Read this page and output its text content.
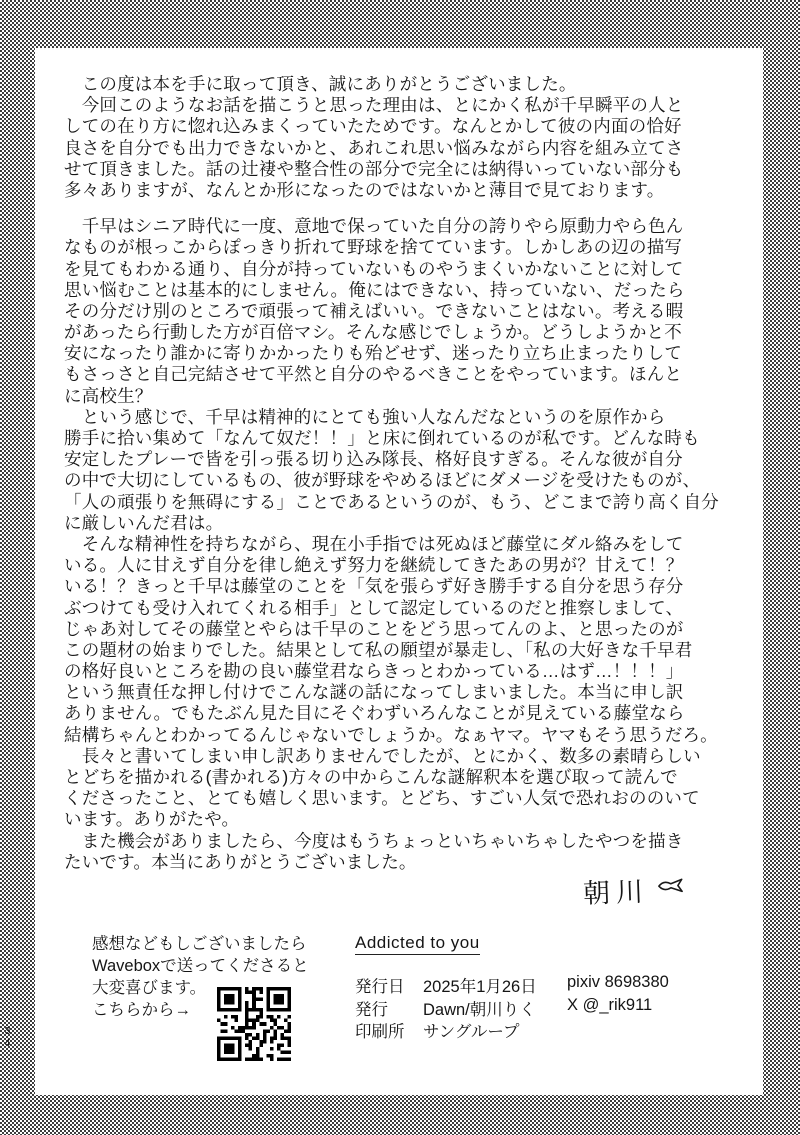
34
　この度は本を手に取って頂き、誠にありがとうございました。
　今回このようなお話を描こうと思った理由は、とにかく私が千早瞬平の人と
しての在り方に惚れ込みまくっていたためです。なんとかして彼の内面の恰好
良さを自分でも出力できないかと、あれこれ思い悩みながら内容を組み立てさ
せて頂きました。話の辻褄や整合性の部分で完全には納得いっていない部分も
多々ありますが、なんとか形になったのではないかと薄目で見ております。
　千早はシニア時代に一度、意地で保っていた自分の誇りやら原動力やら色ん
なものが根っこからぽっきり折れて野球を捨てています。しかしあの辺の描写
を見てもわかる通り、自分が持っていないものやうまくいかないことに対して
思い悩むことは基本的にしません。俺にはできない、持っていない、だったら
その分だけ別のところで頑張って補えばいい。できないことはない。考える暇
があったら行動した方が百倍マシ。そんな感じでしょうか。どうしようかと不
安になったり誰かに寄りかかったりも殆どせず、迷ったり立ち止まったりして
もさっさと自己完結させて平然と自分のやるべきことをやっています。ほんと
に高校生？
　という感じで、千早は精神的にとても強い人なんだなというのを原作から
勝手に拾い集めて「なんて奴だ！！」と床に倒れているのが私です。どんな時も
安定したプレーで皆を引っ張る切り込み隊長、格好良すぎる。そんな彼が自分
の中で大切にしているもの、彼が野球をやめるほどにダメージを受けたものが、
「人の頑張りを無碍にする」ことであるというのが、もう、どこまで誇り高く自分
に厳しいんだ君は。
　そんな精神性を持ちながら、現在小手指では死ぬほど藤堂にダル絡みをして
いる。人に甘えず自分を律し絶えず努力を継続してきたあの男が？甘えて！？
いる！？きっと千早は藤堂のことを「気を張らず好き勝手する自分を思う存分
ぶつけても受け入れてくれる相手」として認定しているのだと推察しまして、
じゃあ対してその藤堂とやらは千早のことをどう思ってんのよ、と思ったのが
この題材の始まりでした。結果として私の願望が暴走し、「私の大好きな千早君
の格好良いところを勘の良い藤堂君ならきっとわかっている…はず…！！！」
という無責任な押し付けでこんな謎の話になってしまいました。本当に申し訳
ありません。でもたぶん見た目にそぐわずいろんなことが見えている藤堂なら
結構ちゃんとわかってるんじゃないでしょうか。なぁヤマ。ヤマもそう思うだろ。
　長々と書いてしまい申し訳ありませんでしたが、とにかく、数多の素晴らしい
とどちを描かれる(書かれる)方々の中からこんな謎解釈本を選び取って読んで
くださったこと、とても嬉しく思います。とどち、すごい人気で恐れおののいて
います。ありがたや。
　また機会がありましたら、今度はもうちょっといちゃいちゃしたやつを描き
たいです。本当にありがとうございました。
朝川
感想などもしございましたら
Waveboxで送ってくださると
大変喜びます。
こちらから→
Addicted to you
発行日	2025年1月26日	pixiv 8698380
発行	Dawn/朝川りく	X @_rik911
印刷所	サングループ
